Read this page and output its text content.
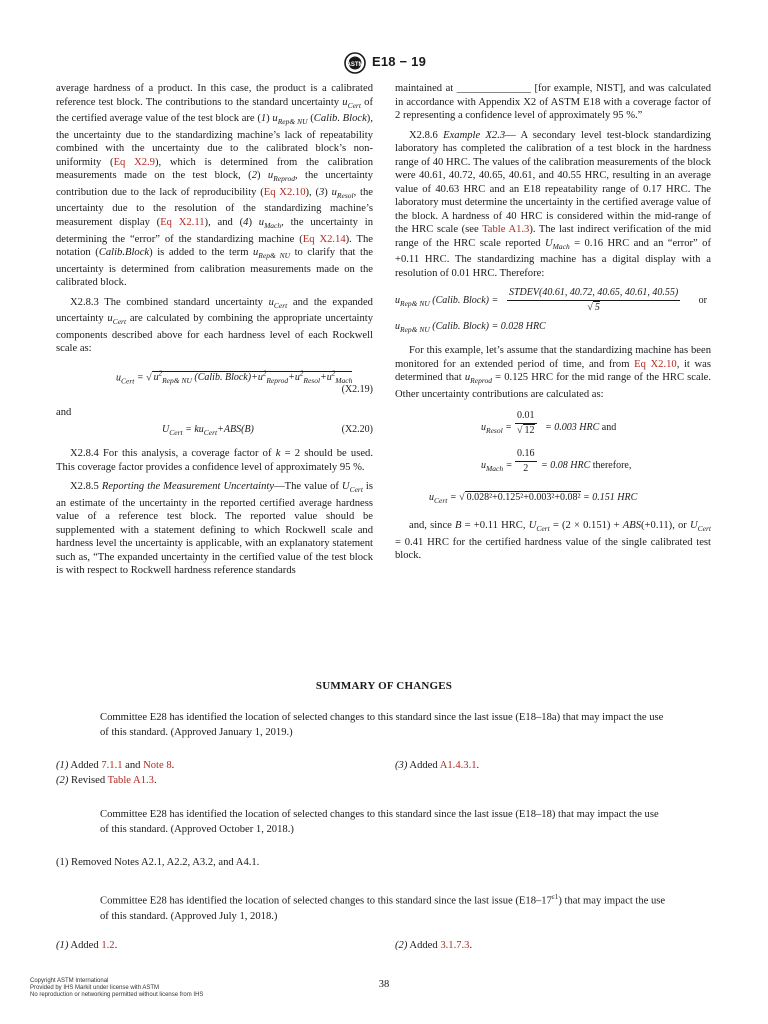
ASTM E18 − 19

average hardness of a product. In this case, the product is a calibrated reference test block. The contributions to the standard uncertainty $u_{Cert}$ of the certified average value of the test block are (1) $u_{Rep\& NU}$ (Calib. Block), the uncertainty due to the standardizing machine’s lack of repeatability combined with the uncertainty due to the calibrated block’s non-uniformity (Eq X2.9), which is determined from the calibration measurements made on the test block, (2) $u_{Reprod}$, the uncertainty contribution due to the lack of reproducibility (Eq X2.10), (3) $u_{Resol}$, the uncertainty due to the resolution of the standardizing machine’s measurement display (Eq X2.11), and (4) $u_{Mach}$, the uncertainty in determining the “error” of the standardizing machine (Eq X2.14). The notation (Calib.Block) is added to the term $u_{Rep\& NU}$ to clarify that the uncertainty is determined from calibration measurements made on the calibrated block.

X2.8.3 The combined standard uncertainty $u_{Cert}$ and the expanded uncertainty $u_{Cert}$ are calculated by combining the appropriate uncertainty components described above for each hardness level of each Rockwell scale as:

$u_{Cert}$ = √ $u^2_{Rep\& NU}$ (Calib. $Block)+u^2_{Reprod}+u^2_{Resol}+u^2_{Mach}$
(X2.19)

and

$U_{Cert} = ku_{Cert}+ABS(B)$	(X2.20)

X2.8.4 For this analysis, a coverage factor of k = 2 should be used. This coverage factor provides a confidence level of approximately 95 %.

X2.8.5 Reporting the Measurement Uncertainty—The value of $U_{Cert}$ is an estimate of the uncertainty in the reported certified average hardness value of a reference test block. The reported value should be supplemented with a statement defining to which Rockwell scale and hardness level the uncertainty is applicable, with an explanatory statement such as, “The expanded uncertainty in the certified value of the test block is with respect to Rockwell hardness reference standards

maintained at ______________ [for example, NIST], and was calculated in accordance with Appendix X2 of ASTM E18 with a coverage factor of 2 representing a confidence level of approximately 95 %.”

X2.8.6 Example X2.3— A secondary level test-block standardizing laboratory has completed the calibration of a test block in the hardness range of 40 HRC. The values of the calibration measurements of the block were 40.61, 40.72, 40.65, 40.61, and 40.55 HRC, resulting in an average value of 40.63 HRC and an E18 repeatability range of 0.17 HRC. The laboratory must determine the uncertainty in the certified average value of the block. A hardness of 40 HRC is considered within the mid-range of the HRC scale (see Table A1.3). The last indirect verification of the mid range of the HRC scale reported $U_{Mach} = 0.16$ HRC and an “error” of +0.11 HRC. The standardizing machine has a digital display with a resolution of 0.01 HRC. Therefore:

$u_{Rep\& NU}$ (Calib. Block) =
STDEV(40.61, 40.72, 40.65, 40.61, 40.55)
√ 5
or
$u_{Rep\& NU}$ (Calib. Block) = 0.028 HRC

For this example, let’s assume that the standardizing machine has been monitored for an extended period of time, and from Eq X2.10, it was determined that $u_{Reprod} = 0.125$ HRC for the mid range of the HRC scale. Other uncertainty contributions are calculated as:

$u_{Resol} = \frac{0.01}{√ 12} = 0.003$ HRC and
$u_{Mach} = \frac{0.16}{2} = 0.08$ HRC therefore,
$u_{Cert}$ = √ 0.028²+0.125²+0.003²+0.08² = 0.151 HRC

and, since B = +0.11 HRC, $U_{Cert} = (2 \times 0.151) + ABS(+0.11)$, or $U_{Cert} = 0.41$ HRC for the certified hardness value of the single calibrated test block.

SUMMARY OF CHANGES
Committee E28 has identified the location of selected changes to this standard since the last issue (E18–18a) that may impact the use of this standard. (Approved January 1, 2019.)
(1) Added 7.1.1 and Note 8.
(2) Revised Table A1.3.
(3) Added A1.4.3.1.
Committee E28 has identified the location of selected changes to this standard since the last issue (E18–18) that may impact the use of this standard. (Approved October 1, 2018.)
(1) Removed Notes A2.1, A2.2, A3.2, and A4.1.
Committee E28 has identified the location of selected changes to this standard since the last issue $(E18-17^{\varepsilon 1})$ that may impact the use of this standard. (Approved July 1, 2018.)
(1) Added 1.2.	(2) Added 3.1.7.3.
Copyright ASTM International
Provided by IHS Markit under license with ASTM
No reproduction or networking permitted without license from IHS
38
